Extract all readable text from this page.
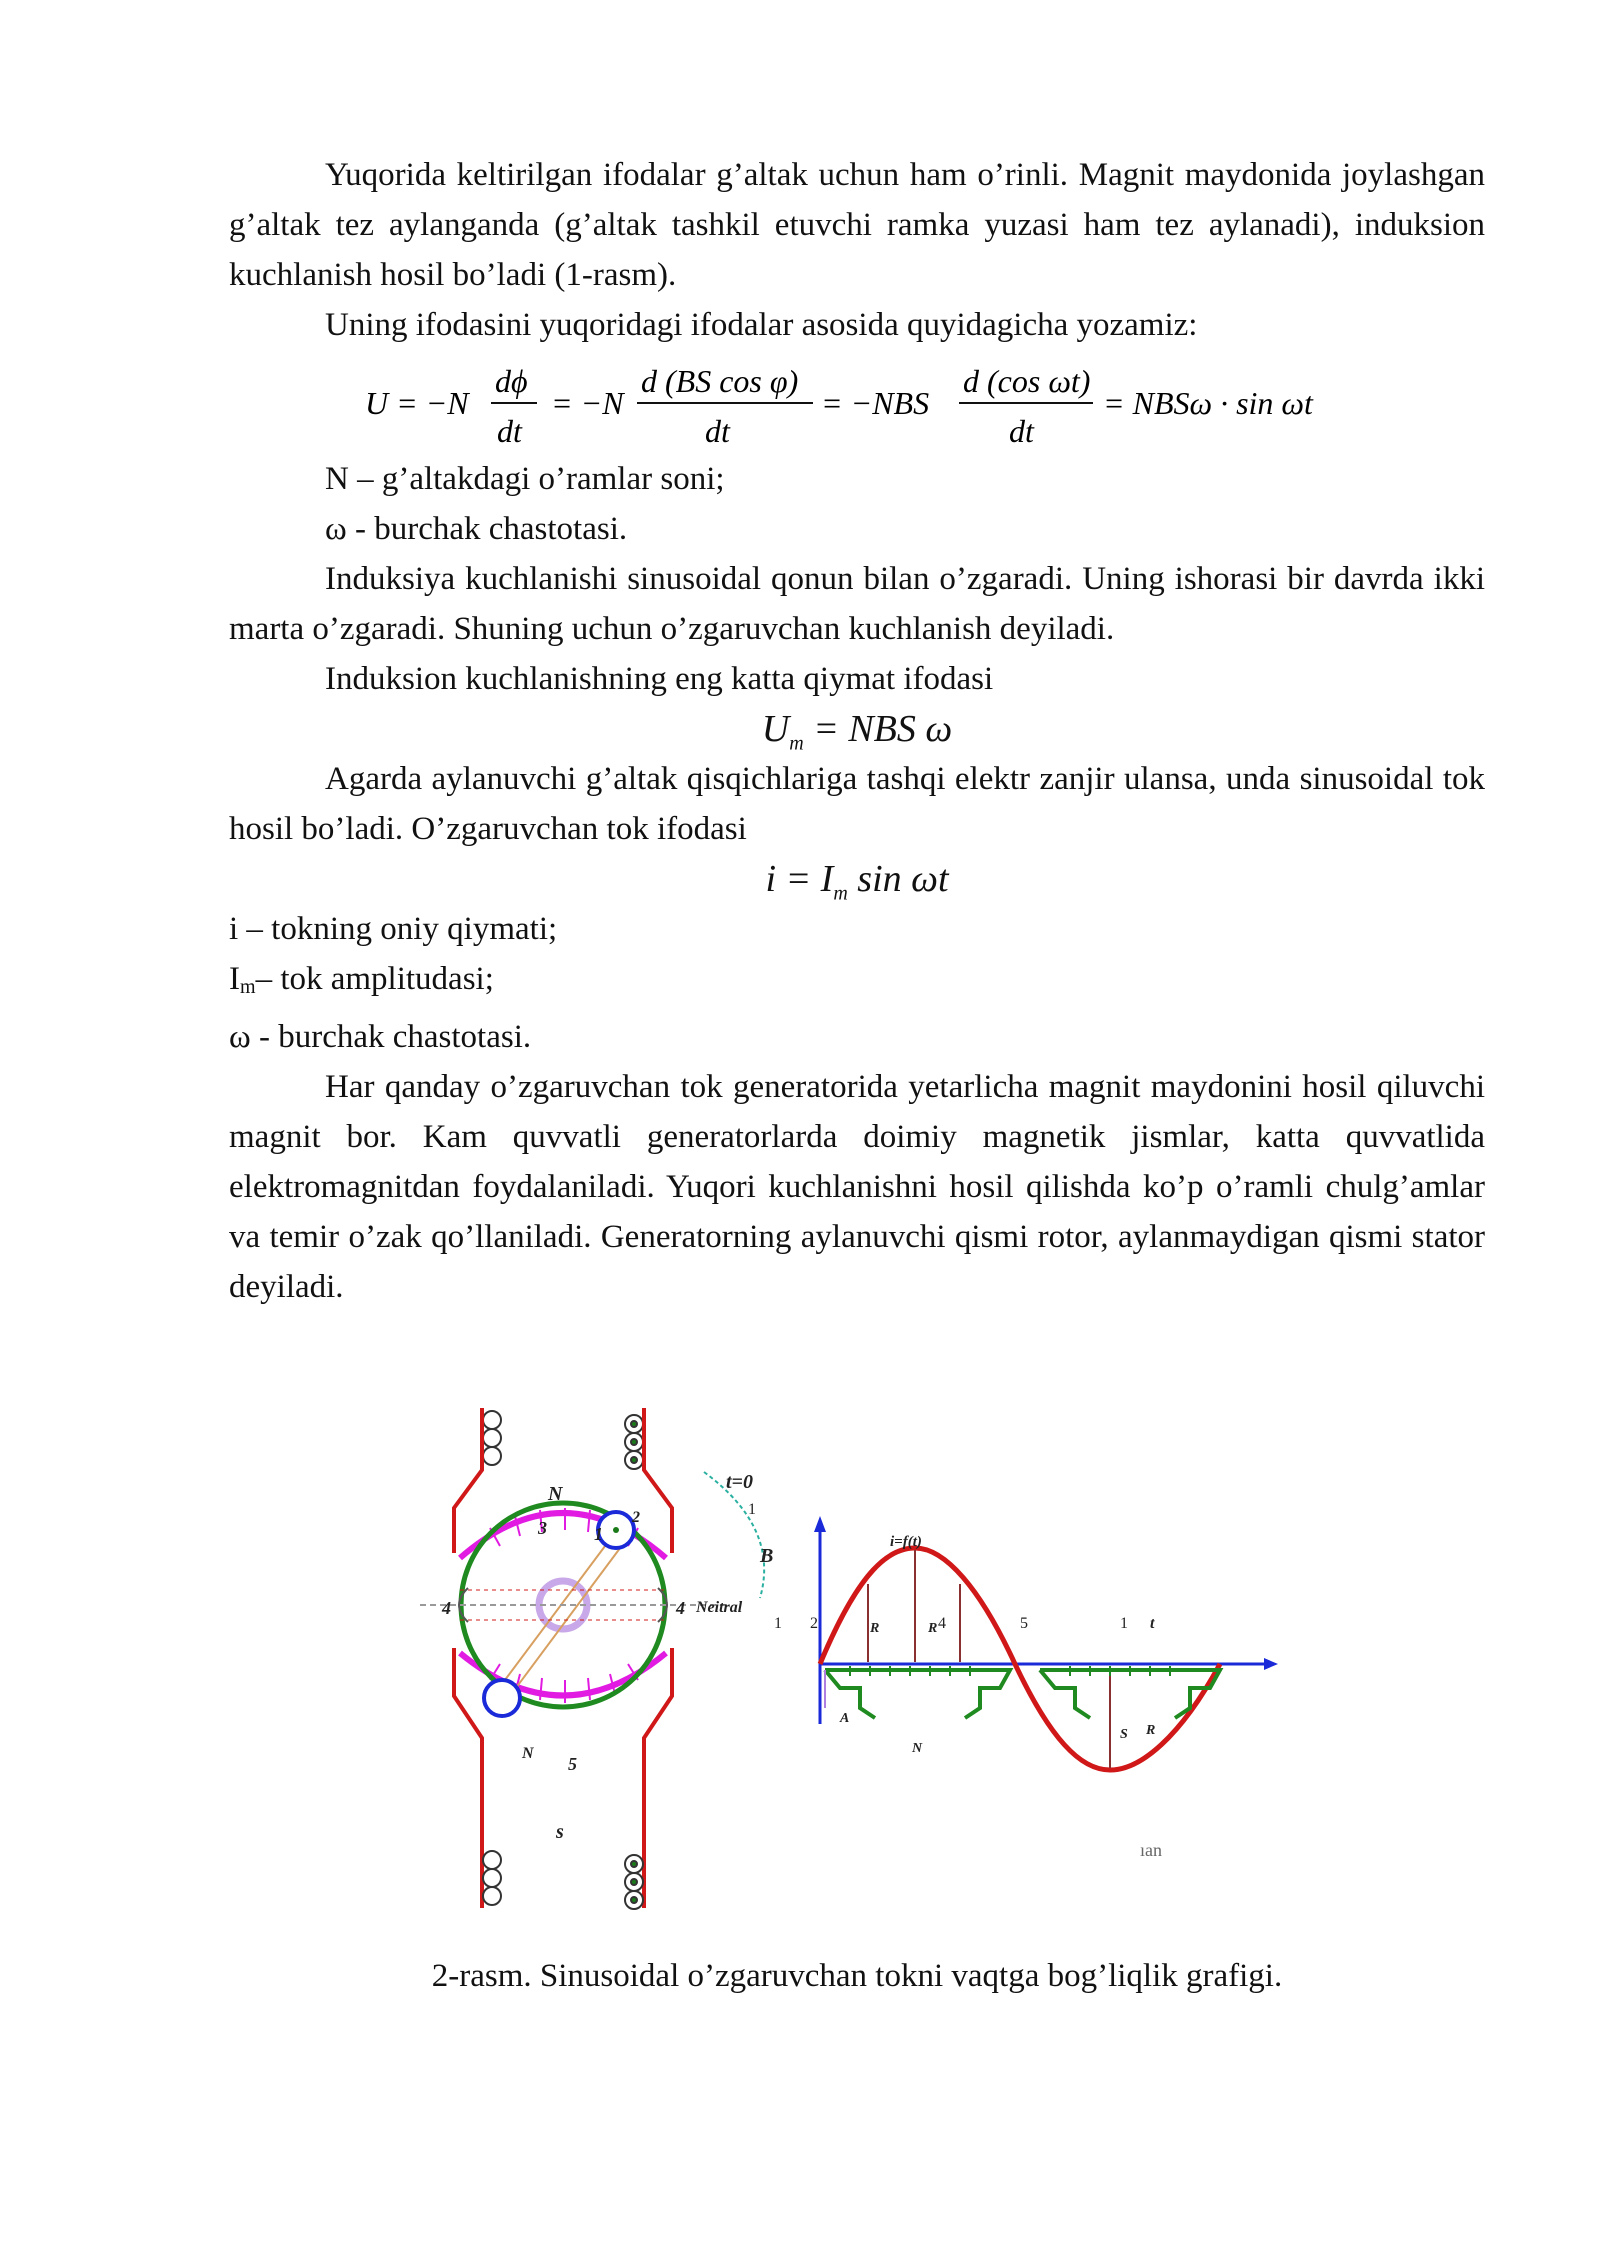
Yuqorida keltirilgan ifodalar g’altak uchun ham o’rinli. Magnit maydonida joylashgan g’altak tez aylanganda (g’altak tashkil etuvchi ramka yuzasi ham tez aylanadi), induksion kuchlanish hosil bo’ladi (1-rasm).

Uning ifodasini yuqoridagi ifodalar asosida quyidagicha yozamiz:

U = −N
dϕ
dt
= −N
d (BS cos φ)
dt
= −NBS
d (cos ωt)
dt
= NBSω · sin ωt

N – g’altakdagi o’ramlar soni;

ω - burchak chastotasi.

Induksiya kuchlanishi sinusoidal qonun bilan o’zgaradi. Uning ishorasi bir davrda ikki marta o’zgaradi. Shuning uchun o’zgaruvchan kuchlanish deyiladi.

Induksion kuchlanishning eng katta qiymat ifodasi

$U_m$ = NBS ω

Agarda aylanuvchi g’altak qisqichlariga tashqi elektr zanjir ulansa, unda sinusoidal tok hosil bo’ladi. O’zgaruvchan tok ifodasi

$i = I_m$ sin ωt

i – tokning oniy qiymati;

Im– tok amplitudasi;

ω - burchak chastotasi.

Har qanday o’zgaruvchan tok generatorida yetarlicha magnit maydonini hosil qiluvchi magnit bor. Kam quvvatli generatorlarda doimiy magnetik jismlar, katta quvvatlida elektromagnitdan foydalaniladi. Yuqori kuchlanishni hosil qilishda ko’p o’ramli chulg’amlar va temir o’zak qo’llaniladi. Generatorning aylanuvchi qismi rotor, aylanmaydigan qismi stator deyiladi.

N
s
t=0
1
B
Neitral
i=f(t)
3	1
2
4	4
5
N
2
1	4	5	1 t
R	R
A
N
S R
ıan
2-rasm. Sinusoidal o’zgaruvchan tokni vaqtga bog’liqlik grafigi.
